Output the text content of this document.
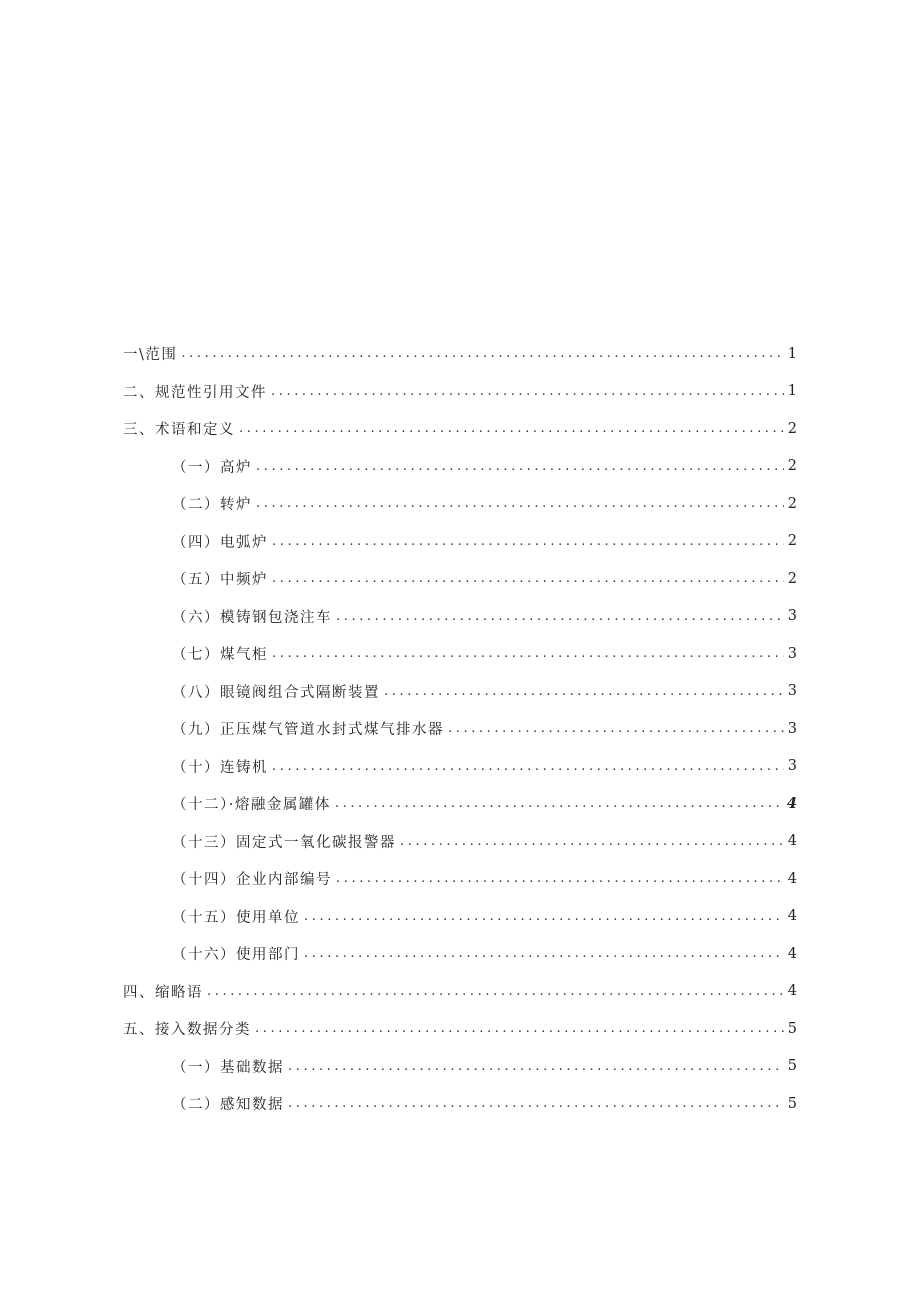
一\范围 .....	1
二、规范性引用文件 .....	1
三、术语和定义 .....	2
（一）高炉 .....	2
（二）转炉 .....	2
（四）电弧炉 .....	2
（五）中频炉 .....	2
（六）模铸钢包浇注车 .....	3
（七）煤气柜 .....	3
（八）眼镜阀组合式隔断装置 .....	3
（九）正压煤气管道水封式煤气排水器 .....	3
（十）连铸机 .....	3
（十二）·熔融金属罐体 .....	4
（十三）固定式一氧化碳报警器 .....	4
（十四）企业内部编号 .....	4
（十五）使用单位 .....	4
（十六）使用部门 .....	4
四、缩略语 .....	4
五、接入数据分类 .....	5
（一）基础数据 .....	5
（二）感知数据 .....	5
